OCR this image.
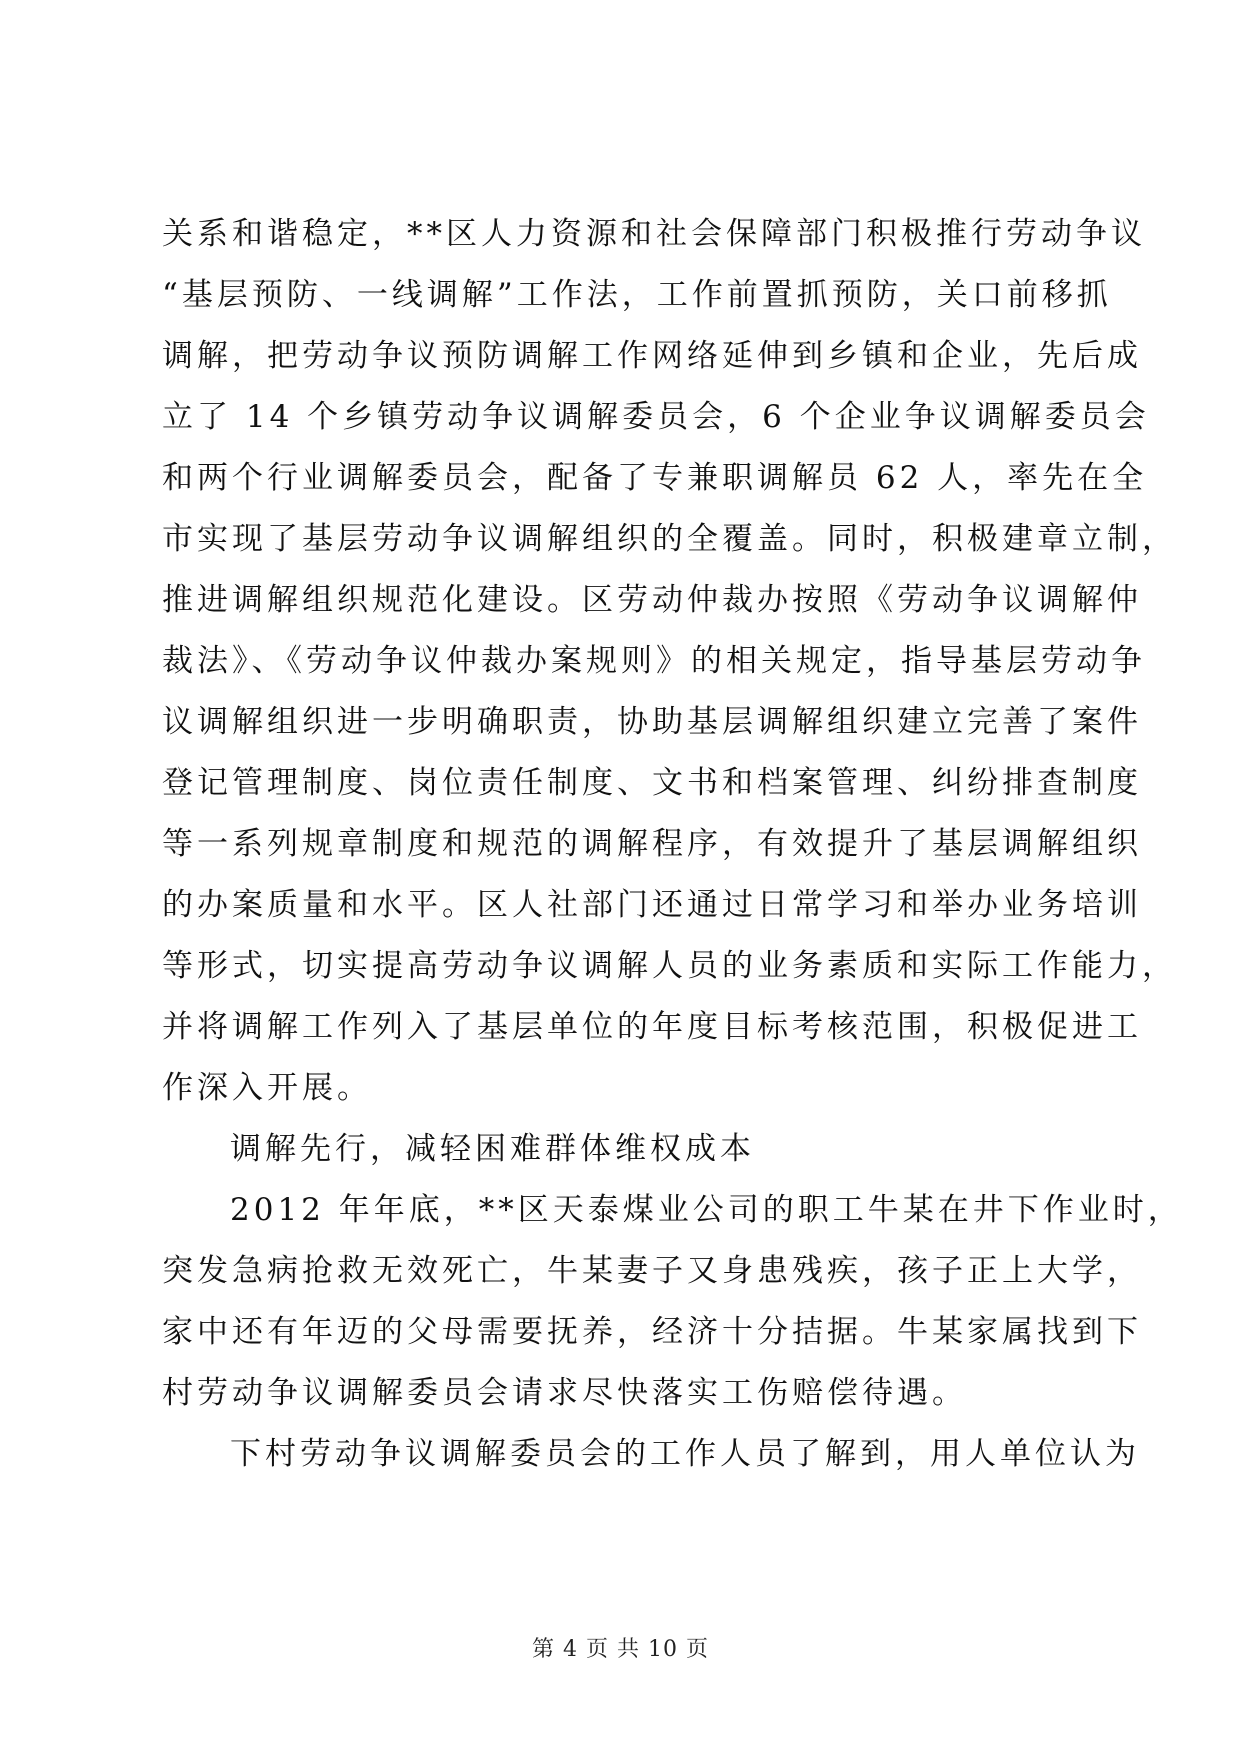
关系和谐稳定，**区人力资源和社会保障部门积极推行劳动争议
“基层预防、一线调解”工作法，工作前置抓预防，关口前移抓
调解，把劳动争议预防调解工作网络延伸到乡镇和企业，先后成
立了 14 个乡镇劳动争议调解委员会，6 个企业争议调解委员会
和两个行业调解委员会，配备了专兼职调解员 62 人，率先在全
市实现了基层劳动争议调解组织的全覆盖。同时，积极建章立制，
推进调解组织规范化建设。区劳动仲裁办按照《劳动争议调解仲
裁法》、《劳动争议仲裁办案规则》的相关规定，指导基层劳动争
议调解组织进一步明确职责，协助基层调解组织建立完善了案件
登记管理制度、岗位责任制度、文书和档案管理、纠纷排查制度
等一系列规章制度和规范的调解程序，有效提升了基层调解组织
的办案质量和水平。区人社部门还通过日常学习和举办业务培训
等形式，切实提高劳动争议调解人员的业务素质和实际工作能力，
并将调解工作列入了基层单位的年度目标考核范围，积极促进工
作深入开展。
调解先行，减轻困难群体维权成本
2012 年年底，**区天泰煤业公司的职工牛某在井下作业时，
突发急病抢救无效死亡，牛某妻子又身患残疾，孩子正上大学，
家中还有年迈的父母需要抚养，经济十分拮据。牛某家属找到下
村劳动争议调解委员会请求尽快落实工伤赔偿待遇。
下村劳动争议调解委员会的工作人员了解到，用人单位认为
第 4 页 共 10 页
